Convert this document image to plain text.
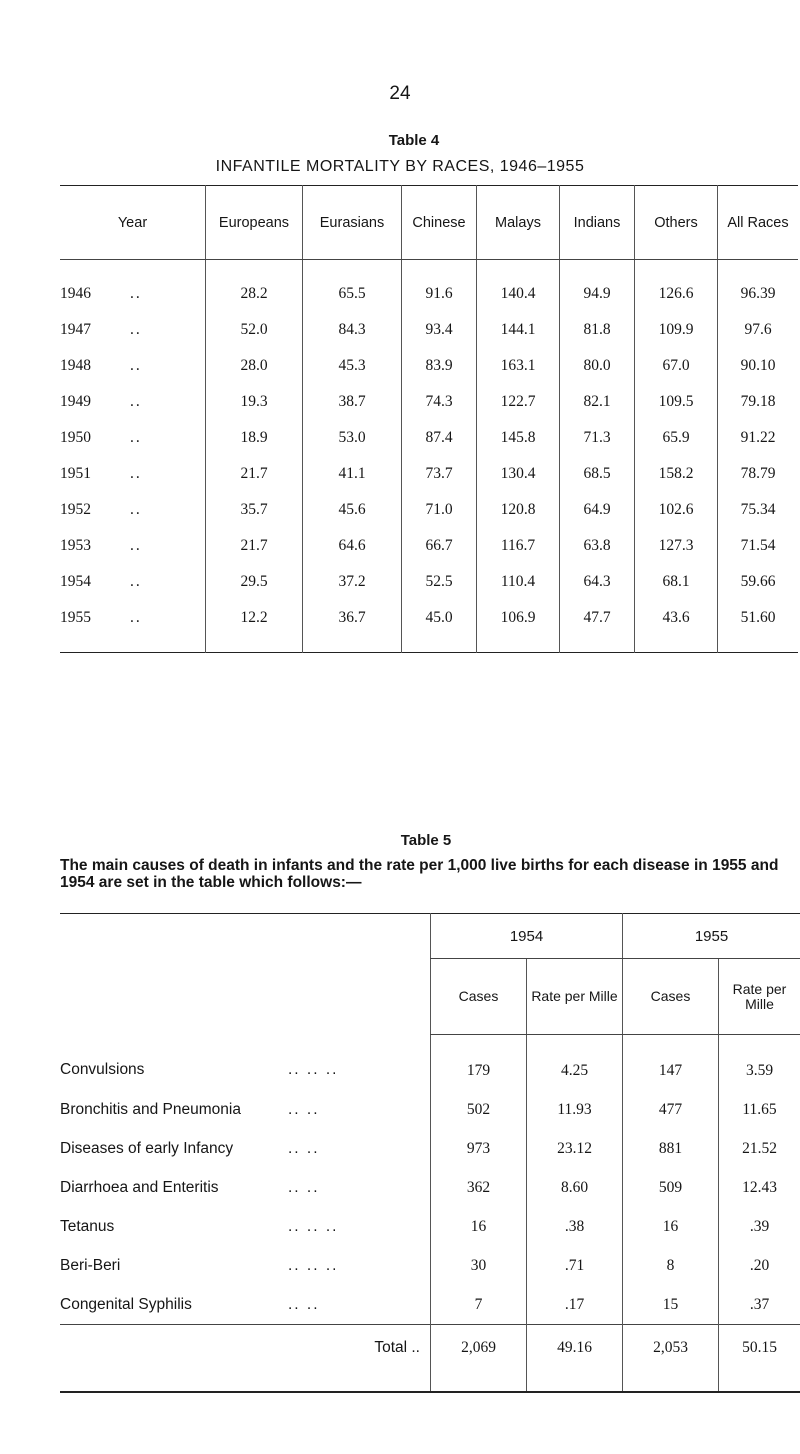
24
Table 4
INFANTILE MORTALITY BY RACES, 1946–1955
Year	Europeans	Eurasians	Chinese	Malays	Indians	Others	All Races
1946 ..	28.2	65.5	91.6	140.4	94.9	126.6	96.39
1947 ..	52.0	84.3	93.4	144.1	81.8	109.9	97.6
1948 ..	28.0	45.3	83.9	163.1	80.0	67.0	90.10
1949 ..	19.3	38.7	74.3	122.7	82.1	109.5	79.18
1950 ..	18.9	53.0	87.4	145.8	71.3	65.9	91.22
1951 ..	21.7	41.1	73.7	130.4	68.5	158.2	78.79
1952 ..	35.7	45.6	71.0	120.8	64.9	102.6	75.34
1953 ..	21.7	64.6	66.7	116.7	63.8	127.3	71.54
1954 ..	29.5	37.2	52.5	110.4	64.3	68.1	59.66
1955 ..	12.2	36.7	45.0	106.9	47.7	43.6	51.60
Table 5
The main causes of death in infants and the rate per 1,000 live births for each disease in 1955 and 1954 are set in the table which follows:—
	1954		1955	
	Cases	Rate per Mille	Cases	Rate per Mille
Convulsions .. .. ..	179	4.25	147	3.59
Bronchitis and Pneumonia .. ..	502	11.93	477	11.65
Diseases of early Infancy .. ..	973	23.12	881	21.52
Diarrhoea and Enteritis .. ..	362	8.60	509	12.43
Tetanus .. .. ..	16	.38	16	.39
Beri-Beri .. .. ..	30	.71	8	.20
Congenital Syphilis .. ..	7	.17	15	.37
Total ..	2,069	49.16	2,053	50.15
